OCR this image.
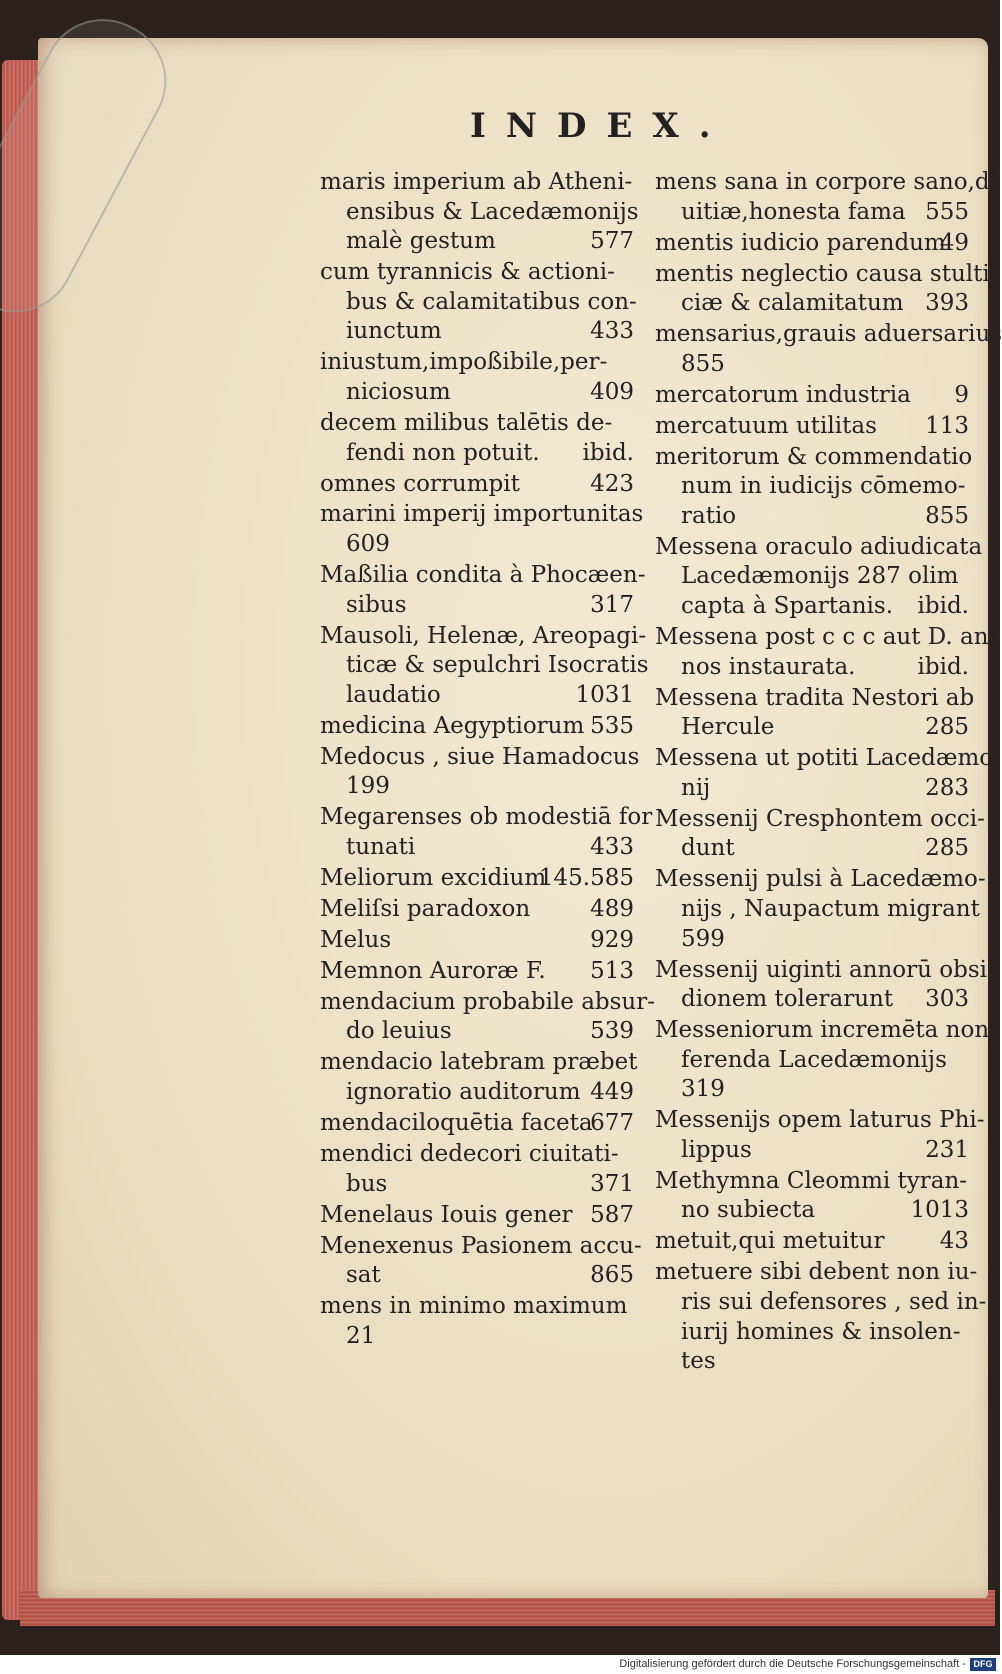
INDEX.
maris imperium ab Atheni-
ensibus & Lacedæmonijs
malè gestum	577
cum tyrannicis & actioni-
bus & calamitatibus con-
iunctum	433
iniustum,impoßibile,per-
niciosum	409
decem milibus talētis de-
fendi non potuit. ibid.
omnes corrumpit	423
marini imperij importunitas
609
Maßilia condita à Phocæen-
sibus	317
Mausoli, Helenæ, Areopagi-
ticæ & sepulchri Isocratis
laudatio	1031
medicina Aegyptiorum 535
Medocus , siue Hamadocus
199
Megarenses ob modestiā for
tunati	433
Meliorum excidium
145.585
Meliſsi paradoxon	489
Melus	929
Memnon Auroræ F. 513
mendacium probabile absur-
do leuius	539
mendacio latebram præbet
ignoratio auditorum 449
mendaciloquētia faceta
677
mendici dedecori ciuitati-
bus	371
Menelaus Iouis gener 587
Menexenus Pasionem accu-
sat	865
mens in minimo maximum
21
mens sana in corpore sano,di
uitiæ,honesta fama 555
mentis iudicio parendum
49
mentis neglectio causa stulti-
ciæ & calamitatum 393
mensarius,grauis aduersarius
855
mercatorum industria 9
mercatuum utilitas 113
meritorum & commendatio
num in iudicijs cōmemo-
ratio	855
Messena oraculo adiudicata
Lacedæmonijs 287 olim
capta à Spartanis. ibid.
Messena post c c c aut D. an-
nos instaurata.	ibid.
Messena tradita Nestori ab
Hercule	285
Messena ut potiti Lacedæmo
nij	283
Messenij Cresphontem occi-
dunt	285
Messenij pulsi à Lacedæmo-
nijs , Naupactum migrant
599
Messenij uiginti annorū obsi
dionem tolerarunt 303
Messeniorum incremēta non
ferenda Lacedæmonijs
319
Messenijs opem laturus Phi-
lippus	231
Methymna Cleommi tyran-
no subiecta	1013
metuit,qui metuitur 43
metuere sibi debent non iu-
ris sui defensores , sed in-
iurij homines & insolen-
tes
Digitalisierung gefördert durch die Deutsche Forschungsgemeinschaft - DFG
